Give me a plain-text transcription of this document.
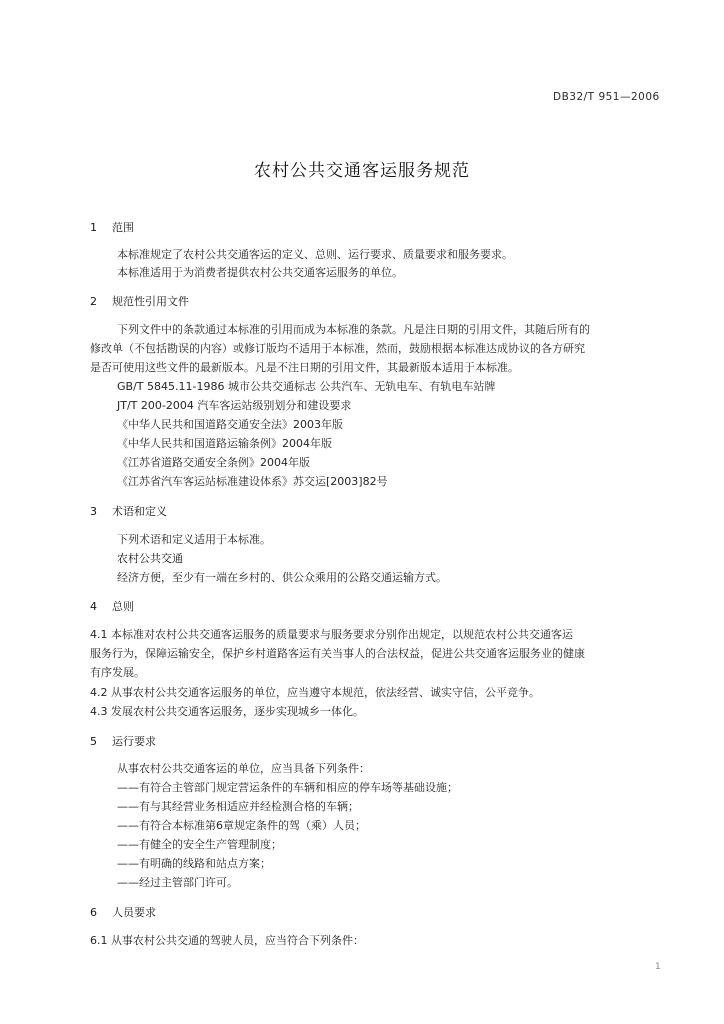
DB32/T 951—2006
农村公共交通客运服务规范
1 范围
本标准规定了农村公共交通客运的定义、总则、运行要求、质量要求和服务要求。
本标准适用于为消费者提供农村公共交通客运服务的单位。
2 规范性引用文件
下列文件中的条款通过本标准的引用而成为本标准的条款。凡是注日期的引用文件，其随后所有的
修改单（不包括勘误的内容）或修订版均不适用于本标准，然而，鼓励根据本标准达成协议的各方研究
是否可使用这些文件的最新版本。凡是不注日期的引用文件，其最新版本适用于本标准。
GB/T 5845.11-1986 城市公共交通标志 公共汽车、无轨电车、有轨电车站牌
JT/T 200-2004 汽车客运站级别划分和建设要求
《中华人民共和国道路交通安全法》2003年版
《中华人民共和国道路运输条例》2004年版
《江苏省道路交通安全条例》2004年版
《江苏省汽车客运站标准建设体系》苏交运[2003]82号
3 术语和定义
下列术语和定义适用于本标准。
农村公共交通
经济方便，至少有一端在乡村的、供公众乘用的公路交通运输方式。
4 总则
4.1 本标准对农村公共交通客运服务的质量要求与服务要求分别作出规定，以规范农村公共交通客运
服务行为，保障运输安全，保护乡村道路客运有关当事人的合法权益，促进公共交通客运服务业的健康
有序发展。
4.2 从事农村公共交通客运服务的单位，应当遵守本规范，依法经营、诚实守信，公平竞争。
4.3 发展农村公共交通客运服务，逐步实现城乡一体化。
5 运行要求
从事农村公共交通客运的单位，应当具备下列条件：
——有符合主管部门规定营运条件的车辆和相应的停车场等基础设施；
——有与其经营业务相适应并经检测合格的车辆；
——有符合本标准第6章规定条件的驾（乘）人员；
——有健全的安全生产管理制度；
——有明确的线路和站点方案；
——经过主管部门许可。
6 人员要求
6.1 从事农村公共交通的驾驶人员，应当符合下列条件：
1
